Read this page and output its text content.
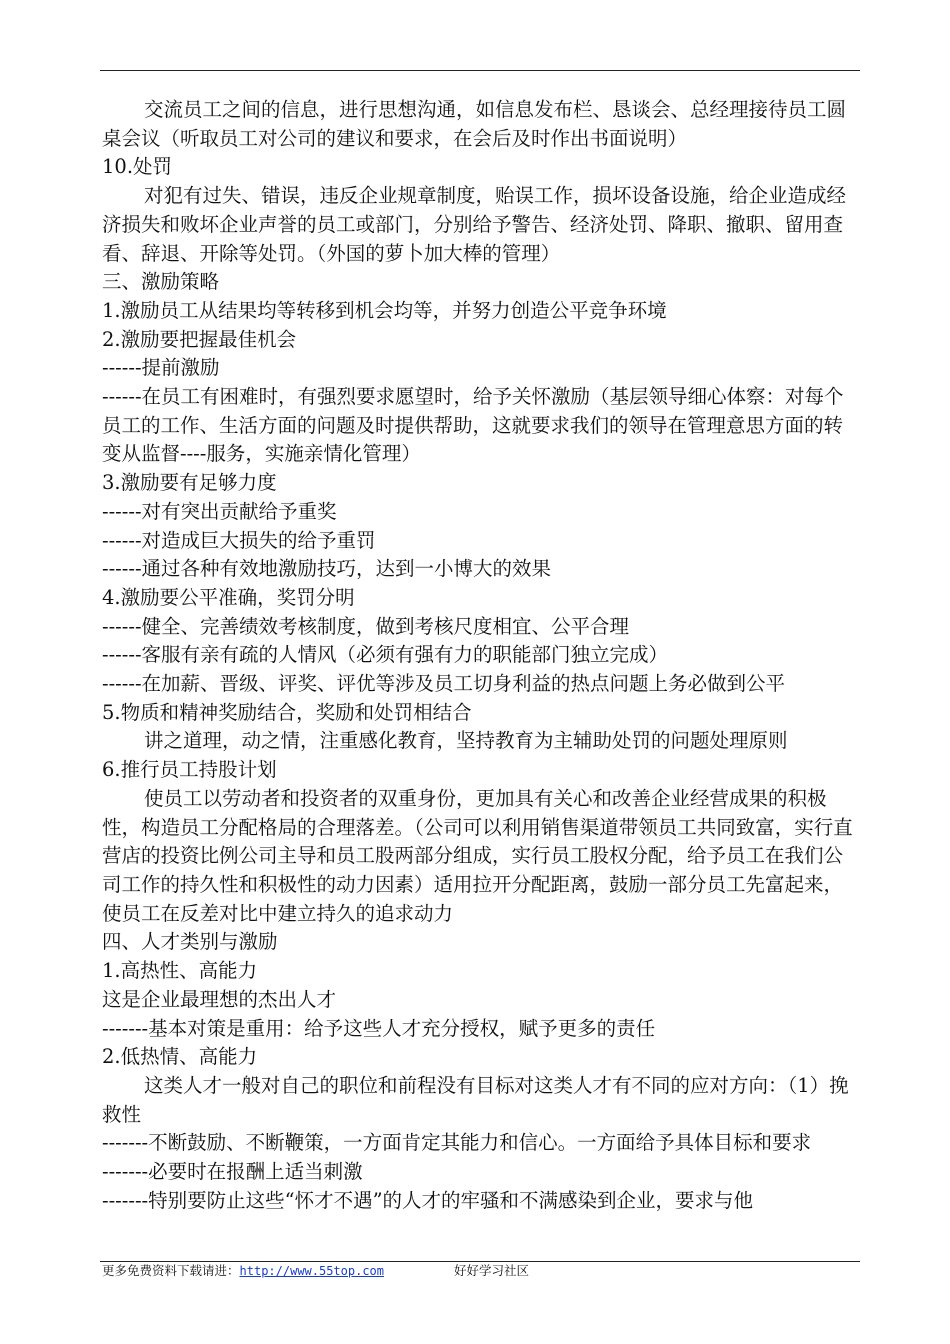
交流员工之间的信息，进行思想沟通，如信息发布栏、恳谈会、总经理接待员工圆桌会议（听取员工对公司的建议和要求，在会后及时作出书面说明）

10.处罚

对犯有过失、错误，违反企业规章制度，贻误工作，损坏设备设施，给企业造成经济损失和败坏企业声誉的员工或部门，分别给予警告、经济处罚、降职、撤职、留用查看、辞退、开除等处罚。（外国的萝卜加大棒的管理）

三、激励策略

1.激励员工从结果均等转移到机会均等，并努力创造公平竞争环境

2.激励要把握最佳机会

------提前激励

------在员工有困难时，有强烈要求愿望时，给予关怀激励（基层领导细心体察：对每个员工的工作、生活方面的问题及时提供帮助，这就要求我们的领导在管理意思方面的转变从监督----服务，实施亲情化管理）

3.激励要有足够力度

------对有突出贡献给予重奖

------对造成巨大损失的给予重罚

------通过各种有效地激励技巧，达到一小博大的效果

4.激励要公平准确，奖罚分明

------健全、完善绩效考核制度，做到考核尺度相宜、公平合理

------客服有亲有疏的人情风（必须有强有力的职能部门独立完成）

------在加薪、晋级、评奖、评优等涉及员工切身利益的热点问题上务必做到公平

5.物质和精神奖励结合，奖励和处罚相结合

讲之道理，动之情，注重感化教育，坚持教育为主辅助处罚的问题处理原则

6.推行员工持股计划

使员工以劳动者和投资者的双重身份，更加具有关心和改善企业经营成果的积极性，构造员工分配格局的合理落差。（公司可以利用销售渠道带领员工共同致富，实行直营店的投资比例公司主导和员工股两部分组成，实行员工股权分配，给予员工在我们公司工作的持久性和积极性的动力因素）适用拉开分配距离，鼓励一部分员工先富起来，使员工在反差对比中建立持久的追求动力

四、人才类别与激励

1.高热性、高能力

这是企业最理想的杰出人才

-------基本对策是重用：给予这些人才充分授权，赋予更多的责任

2.低热情、高能力

这类人才一般对自己的职位和前程没有目标对这类人才有不同的应对方向：（1）挽救性

-------不断鼓励、不断鞭策，一方面肯定其能力和信心。一方面给予具体目标和要求

-------必要时在报酬上适当刺激

-------特别要防止这些“怀才不遇”的人才的牢骚和不满感染到企业，要求与他

更多免费资料下载请进：http://www.55top.com	好好学习社区
